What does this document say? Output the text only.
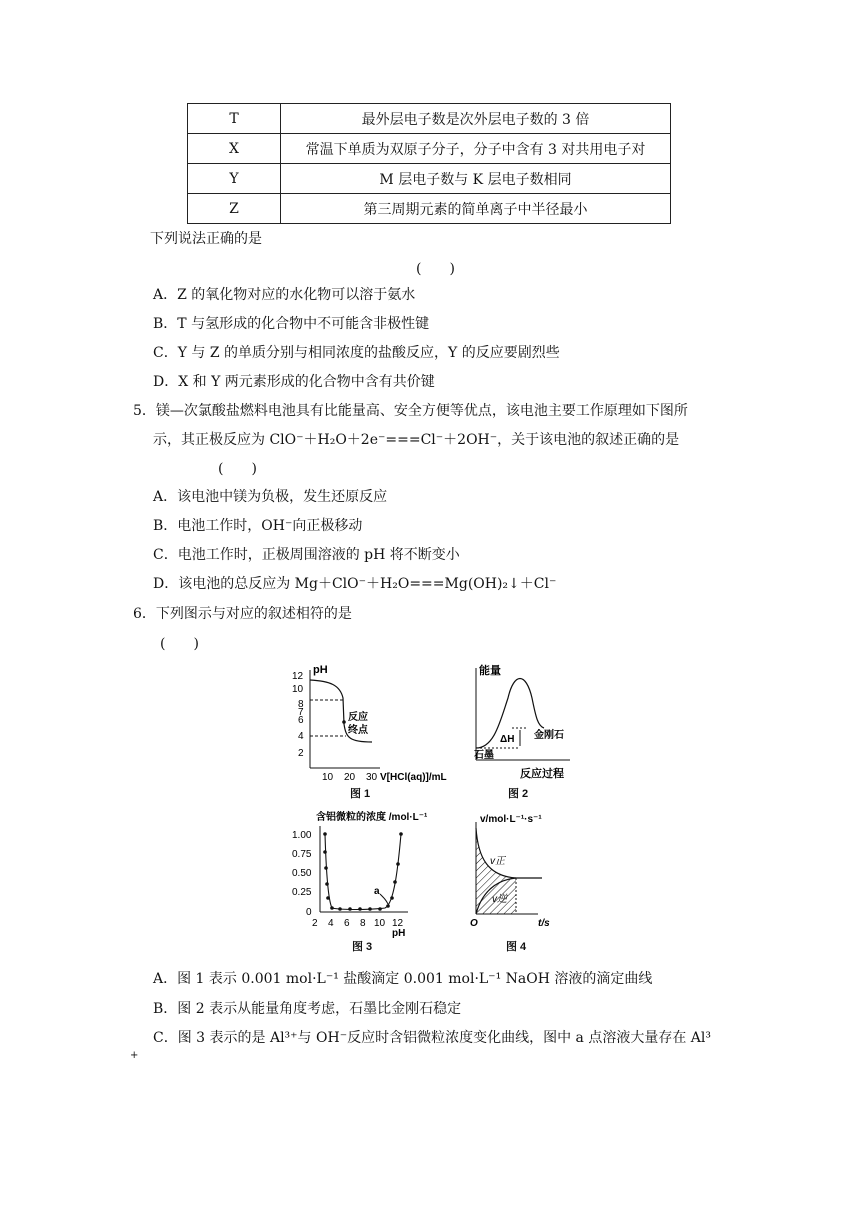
T	最外层电子数是次外层电子数的 3 倍
X	常温下单质为双原子分子，分子中含有 3 对共用电子对
Y	M 层电子数与 K 层电子数相同
Z	第三周期元素的简单离子中半径最小
下列说法正确的是
(　　)
A．Z 的氧化物对应的水化物可以溶于氨水
B．T 与氢形成的化合物中不可能含非极性键
C．Y 与 Z 的单质分别与相同浓度的盐酸反应，Y 的反应要剧烈些
D．X 和 Y 两元素形成的化合物中含有共价键
5．镁—次氯酸盐燃料电池具有比能量高、安全方便等优点，该电池主要工作原理如下图所
示，其正极反应为 ClO⁻＋H₂O＋2e⁻===Cl⁻＋2OH⁻，关于该电池的叙述正确的是
(　　)
A．该电池中镁为负极，发生还原反应
B．电池工作时，OH⁻向正极移动
C．电池工作时，正极周围溶液的 pH 将不断变小
D．该电池的总反应为 Mg＋ClO⁻＋H₂O===Mg(OH)₂↓＋Cl⁻
6．下列图示与对应的叙述相符的是
(　　)
pH
12
10
8
7
6
4
2
10 20 30 V[HCl(aq)]/mL
反应
终点
图 1
能量
反应过程
ΔH 金刚石
石墨
图 2
含铝微粒的浓度 /mol·L⁻¹
1.00
0.75
0.50
0.25
0
2 4 6 8 10 12
pH
a
图 3
v/mol·L⁻¹·s⁻¹
v正
v逆
O	t/s
图 4
A．图 1 表示 0.001 mol·L⁻¹ 盐酸滴定 0.001 mol·L⁻¹ NaOH 溶液的滴定曲线
B．图 2 表示从能量角度考虑，石墨比金刚石稳定
C．图 3 表示的是 Al³⁺与 OH⁻反应时含铝微粒浓度变化曲线，图中 a 点溶液大量存在 Al³
+
